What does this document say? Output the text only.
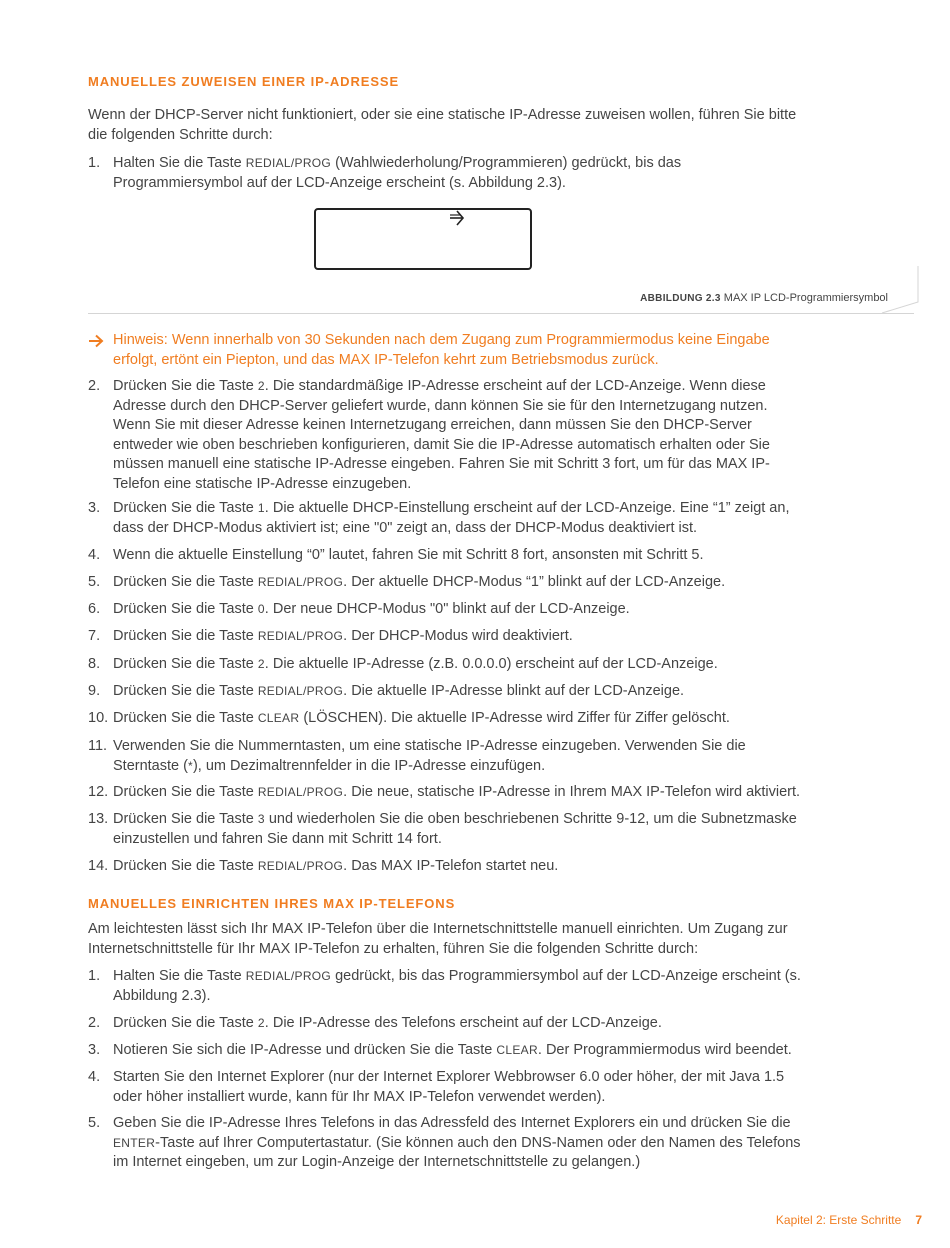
MANUELLES ZUWEISEN EINER IP-ADRESSE

Wenn der DHCP-Server nicht funktioniert, oder sie eine statische IP-Adresse zuweisen wollen, führen Sie bitte die folgenden Schritte durch:

1. Halten Sie die Taste REDIAL/PROG (Wahlwiederholung/Programmieren) gedrückt, bis das Programmiersymbol auf der LCD-Anzeige erscheint (s. Abbildung 2.3).
ABBILDUNG 2.3 MAX IP LCD-Programmiersymbol
Hinweis: Wenn innerhalb von 30 Sekunden nach dem Zugang zum Programmiermodus keine Eingabe erfolgt, ertönt ein Piepton, und das MAX IP-Telefon kehrt zum Betriebsmodus zurück.
2. Drücken Sie die Taste 2. Die standardmäßige IP-Adresse erscheint auf der LCD-Anzeige. Wenn diese Adresse durch den DHCP-Server geliefert wurde, dann können Sie sie für den Internetzugang nutzen. Wenn Sie mit dieser Adresse keinen Internetzugang erreichen, dann müssen Sie den DHCP-Server entweder wie oben beschrieben konfigurieren, damit Sie die IP-Adresse automatisch erhalten oder Sie müssen manuell eine statische IP-Adresse eingeben. Fahren Sie mit Schritt 3 fort, um für das MAX IP-Telefon eine statische IP-Adresse einzugeben.
3. Drücken Sie die Taste 1. Die aktuelle DHCP-Einstellung erscheint auf der LCD-Anzeige. Eine “1” zeigt an, dass der DHCP-Modus aktiviert ist; eine "0" zeigt an, dass der DHCP-Modus deaktiviert ist.
4. Wenn die aktuelle Einstellung “0” lautet, fahren Sie mit Schritt 8 fort, ansonsten mit Schritt 5.
5. Drücken Sie die Taste REDIAL/PROG. Der aktuelle DHCP-Modus “1” blinkt auf der LCD-Anzeige.
6. Drücken Sie die Taste 0. Der neue DHCP-Modus "0" blinkt auf der LCD-Anzeige.
7. Drücken Sie die Taste REDIAL/PROG. Der DHCP-Modus wird deaktiviert.
8. Drücken Sie die Taste 2. Die aktuelle IP-Adresse (z.B. 0.0.0.0) erscheint auf der LCD-Anzeige.
9. Drücken Sie die Taste REDIAL/PROG. Die aktuelle IP-Adresse blinkt auf der LCD-Anzeige.
10. Drücken Sie die Taste CLEAR (LÖSCHEN). Die aktuelle IP-Adresse wird Ziffer für Ziffer gelöscht.
11. Verwenden Sie die Nummerntasten, um eine statische IP-Adresse einzugeben. Verwenden Sie die Sterntaste (*), um Dezimaltrennfelder in die IP-Adresse einzufügen.
12. Drücken Sie die Taste REDIAL/PROG. Die neue, statische IP-Adresse in Ihrem MAX IP-Telefon wird aktiviert.
13. Drücken Sie die Taste 3 und wiederholen Sie die oben beschriebenen Schritte 9-12, um die Subnetzmaske einzustellen und fahren Sie dann mit Schritt 14 fort.
14. Drücken Sie die Taste REDIAL/PROG. Das MAX IP-Telefon startet neu.
MANUELLES EINRICHTEN IHRES MAX IP-TELEFONS

Am leichtesten lässt sich Ihr MAX IP-Telefon über die Internetschnittstelle manuell einrichten. Um Zugang zur Internetschnittstelle für Ihr MAX IP-Telefon zu erhalten, führen Sie die folgenden Schritte durch:

1. Halten Sie die Taste REDIAL/PROG gedrückt, bis das Programmiersymbol auf der LCD-Anzeige erscheint (s. Abbildung 2.3).
2. Drücken Sie die Taste 2. Die IP-Adresse des Telefons erscheint auf der LCD-Anzeige.
3. Notieren Sie sich die IP-Adresse und drücken Sie die Taste CLEAR. Der Programmiermodus wird beendet.
4. Starten Sie den Internet Explorer (nur der Internet Explorer Webbrowser 6.0 oder höher, der mit Java 1.5 oder höher installiert wurde, kann für Ihr MAX IP-Telefon verwendet werden).
5. Geben Sie die IP-Adresse Ihres Telefons in das Adressfeld des Internet Explorers ein und drücken Sie die ENTER-Taste auf Ihrer Computertastatur. (Sie können auch den DNS-Namen oder den Namen des Telefons im Internet eingeben, um zur Login-Anzeige der Internetschnittstelle zu gelangen.)
Kapitel 2: Erste Schritte 7
